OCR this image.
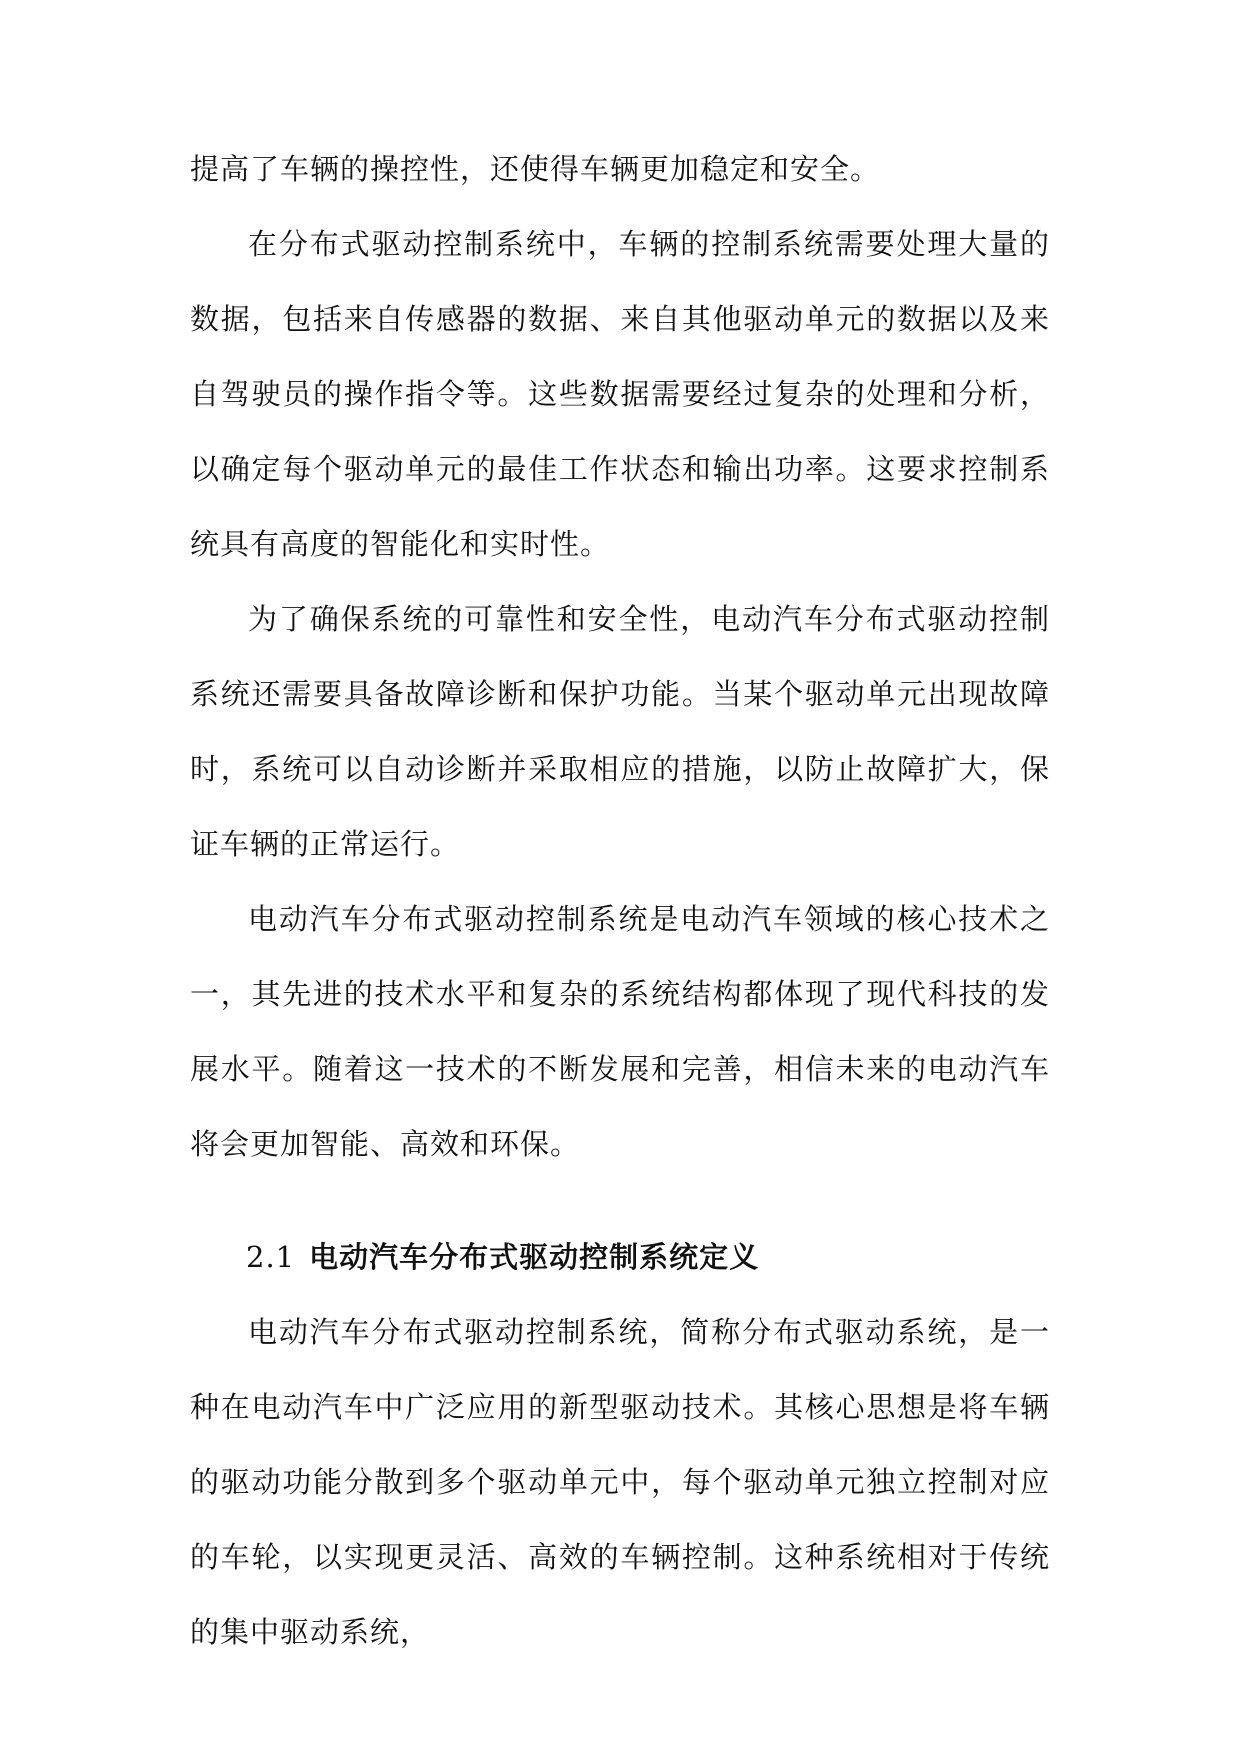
提高了车辆的操控性，还使得车辆更加稳定和安全。

在分布式驱动控制系统中，车辆的控制系统需要处理大量的数据，包括来自传感器的数据、来自其他驱动单元的数据以及来自驾驶员的操作指令等。这些数据需要经过复杂的处理和分析，以确定每个驱动单元的最佳工作状态和输出功率。这要求控制系统具有高度的智能化和实时性。

为了确保系统的可靠性和安全性，电动汽车分布式驱动控制系统还需要具备故障诊断和保护功能。当某个驱动单元出现故障时，系统可以自动诊断并采取相应的措施，以防止故障扩大，保证车辆的正常运行。

电动汽车分布式驱动控制系统是电动汽车领域的核心技术之一，其先进的技术水平和复杂的系统结构都体现了现代科技的发展水平。随着这一技术的不断发展和完善，相信未来的电动汽车将会更加智能、高效和环保。

2.1 电动汽车分布式驱动控制系统定义

电动汽车分布式驱动控制系统，简称分布式驱动系统，是一种在电动汽车中广泛应用的新型驱动技术。其核心思想是将车辆的驱动功能分散到多个驱动单元中，每个驱动单元独立控制对应的车轮，以实现更灵活、高效的车辆控制。这种系统相对于传统的集中驱动系统，
